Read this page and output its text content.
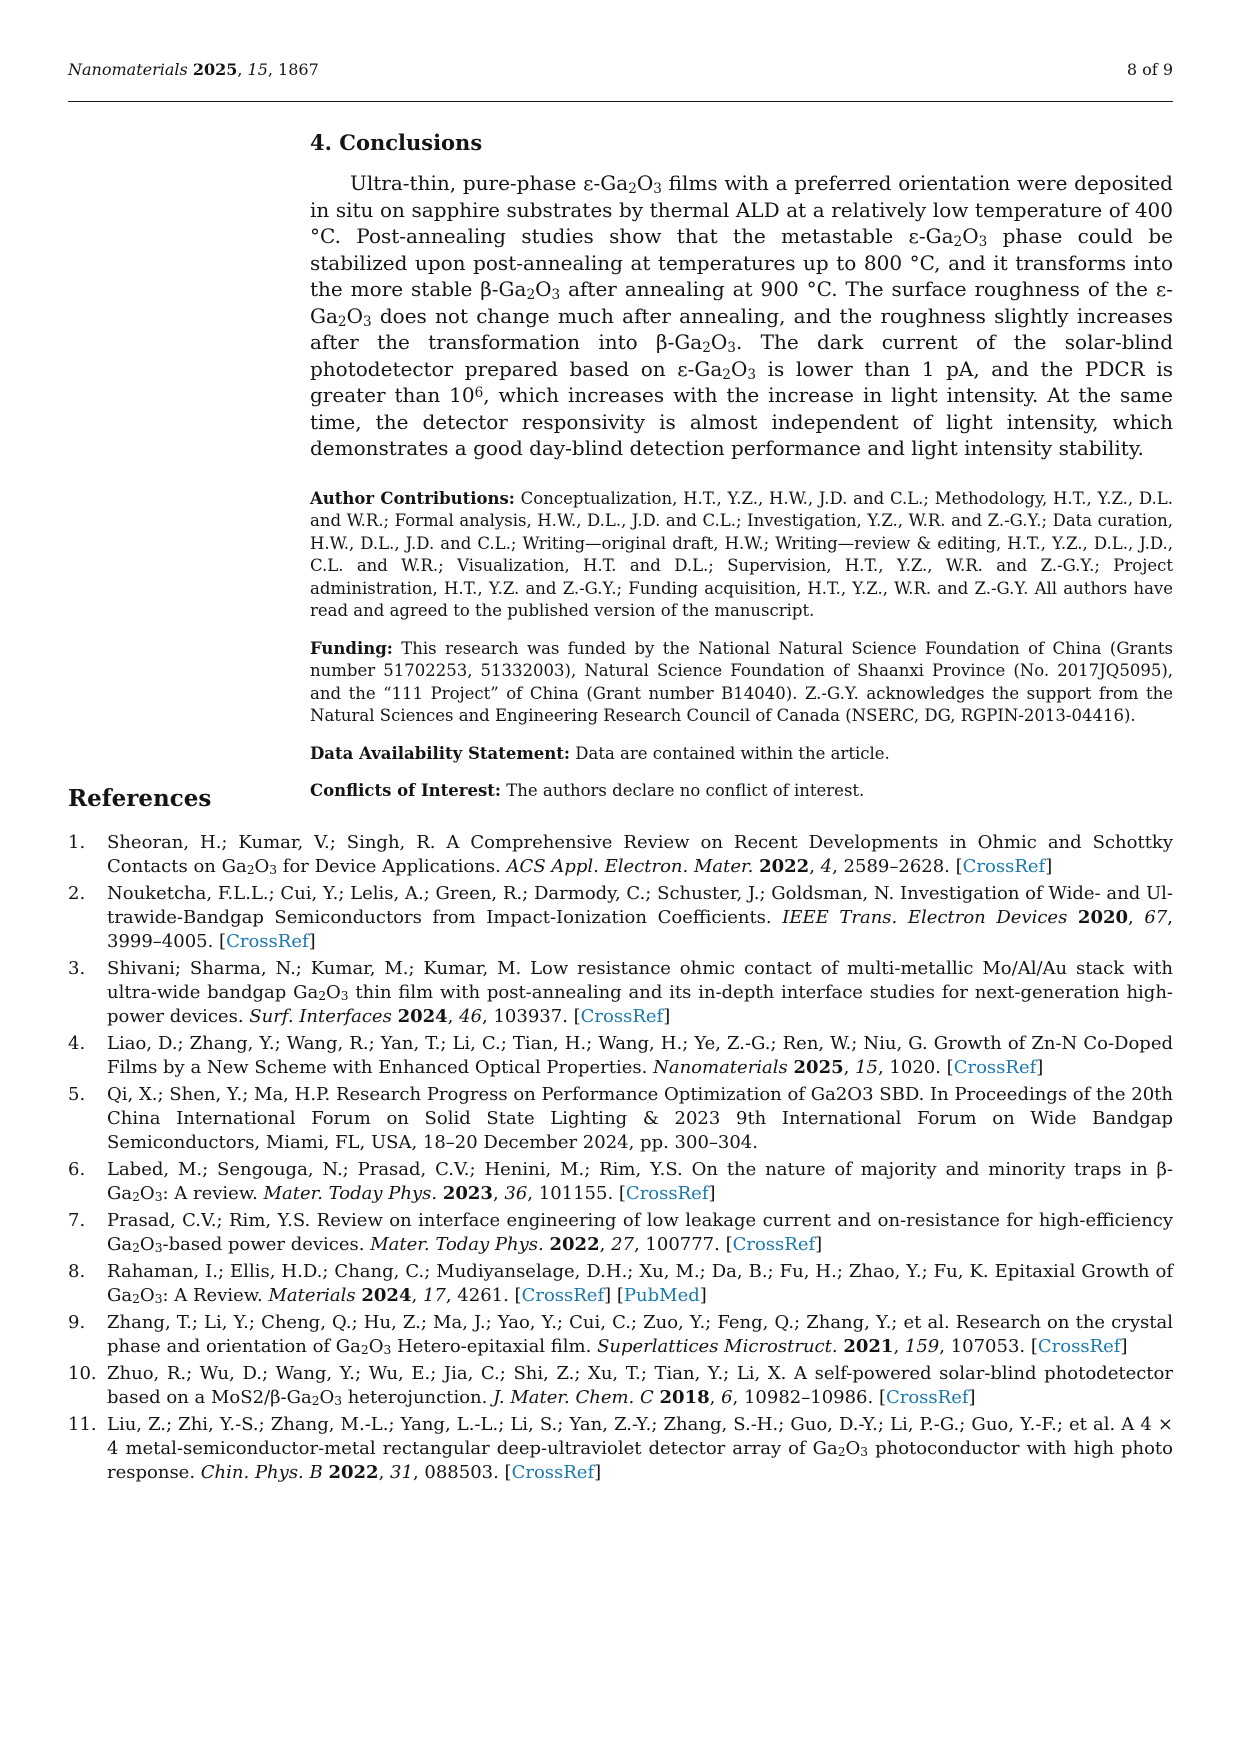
Nanomaterials 2025, 15, 1867	8 of 9
4. Conclusions

Ultra-thin, pure-phase ε-Ga2O3 films with a preferred orientation were deposited in situ on sapphire substrates by thermal ALD at a relatively low temperature of 400 °C. Post-annealing studies show that the metastable ε-Ga2O3 phase could be stabilized upon post-annealing at temperatures up to 800 °C, and it transforms into the more stable β-Ga2O3 after annealing at 900 °C. The surface roughness of the ε-Ga2O3 does not change much after annealing, and the roughness slightly increases after the transformation into β-Ga2O3. The dark current of the solar-blind photodetector prepared based on ε-Ga2O3 is lower than 1 pA, and the PDCR is greater than $10^6$, which increases with the increase in light intensity. At the same time, the detector responsivity is almost independent of light intensity, which demonstrates a good day-blind detection performance and light intensity stability.

Author Contributions: Conceptualization, H.T., Y.Z., H.W., J.D. and C.L.; Methodology, H.T., Y.Z., D.L. and W.R.; Formal analysis, H.W., D.L., J.D. and C.L.; Investigation, Y.Z., W.R. and Z.-G.Y.; Data curation, H.W., D.L., J.D. and C.L.; Writing—original draft, H.W.; Writing—review & editing, H.T., Y.Z., D.L., J.D., C.L. and W.R.; Visualization, H.T. and D.L.; Supervision, H.T., Y.Z., W.R. and Z.-G.Y.; Project administration, H.T., Y.Z. and Z.-G.Y.; Funding acquisition, H.T., Y.Z., W.R. and Z.-G.Y. All authors have read and agreed to the published version of the manuscript.

Funding: This research was funded by the National Natural Science Foundation of China (Grants number 51702253, 51332003), Natural Science Foundation of Shaanxi Province (No. 2017JQ5095), and the “111 Project” of China (Grant number B14040). Z.-G.Y. acknowledges the support from the Natural Sciences and Engineering Research Council of Canada (NSERC, DG, RGPIN-2013-04416).

Data Availability Statement: Data are contained within the article.

Conflicts of Interest: The authors declare no conflict of interest.

References
1. Sheoran, H.; Kumar, V.; Singh, R. A Comprehensive Review on Recent Developments in Ohmic and Schottky Contacts on Ga2O3 for Device Applications. ACS Appl. Electron. Mater. 2022, 4, 2589–2628. [CrossRef]
2. Nouketcha, F.L.L.; Cui, Y.; Lelis, A.; Green, R.; Darmody, C.; Schuster, J.; Goldsman, N. Investigation of Wide- and Ul- trawide-Bandgap Semiconductors from Impact-Ionization Coefficients. IEEE Trans. Electron Devices 2020, 67, 3999–4005. [CrossRef]
3. Shivani; Sharma, N.; Kumar, M.; Kumar, M. Low resistance ohmic contact of multi-metallic Mo/Al/Au stack with ultra-wide bandgap Ga2O3 thin film with post-annealing and its in-depth interface studies for next-generation high-power devices. Surf. Interfaces 2024, 46, 103937. [CrossRef]
4. Liao, D.; Zhang, Y.; Wang, R.; Yan, T.; Li, C.; Tian, H.; Wang, H.; Ye, Z.-G.; Ren, W.; Niu, G. Growth of Zn-N Co-Doped Films by a New Scheme with Enhanced Optical Properties. Nanomaterials 2025, 15, 1020. [CrossRef]
5. Qi, X.; Shen, Y.; Ma, H.P. Research Progress on Performance Optimization of Ga2O3 SBD. In Proceedings of the 20th China International Forum on Solid State Lighting & 2023 9th International Forum on Wide Bandgap Semiconductors, Miami, FL, USA, 18–20 December 2024, pp. 300–304.
6. Labed, M.; Sengouga, N.; Prasad, C.V.; Henini, M.; Rim, Y.S. On the nature of majority and minority traps in β-Ga2O3: A review. Mater. Today Phys. 2023, 36, 101155. [CrossRef]
7. Prasad, C.V.; Rim, Y.S. Review on interface engineering of low leakage current and on-resistance for high-efficiency Ga2O3-based power devices. Mater. Today Phys. 2022, 27, 100777. [CrossRef]
8. Rahaman, I.; Ellis, H.D.; Chang, C.; Mudiyanselage, D.H.; Xu, M.; Da, B.; Fu, H.; Zhao, Y.; Fu, K. Epitaxial Growth of Ga2O3: A Review. Materials 2024, 17, 4261. [CrossRef] [PubMed]
9. Zhang, T.; Li, Y.; Cheng, Q.; Hu, Z.; Ma, J.; Yao, Y.; Cui, C.; Zuo, Y.; Feng, Q.; Zhang, Y.; et al. Research on the crystal phase and orientation of Ga2O3 Hetero-epitaxial film. Superlattices Microstruct. 2021, 159, 107053. [CrossRef]
10. Zhuo, R.; Wu, D.; Wang, Y.; Wu, E.; Jia, C.; Shi, Z.; Xu, T.; Tian, Y.; Li, X. A self-powered solar-blind photodetector based on a MoS2/β-Ga2O3 heterojunction. J. Mater. Chem. C 2018, 6, 10982–10986. [CrossRef]
11. Liu, Z.; Zhi, Y.-S.; Zhang, M.-L.; Yang, L.-L.; Li, S.; Yan, Z.-Y.; Zhang, S.-H.; Guo, D.-Y.; Li, P.-G.; Guo, Y.-F.; et al. A 4 × 4 metal-semiconductor-metal rectangular deep-ultraviolet detector array of Ga2O3 photoconductor with high photo response. Chin. Phys. B 2022, 31, 088503. [CrossRef]
